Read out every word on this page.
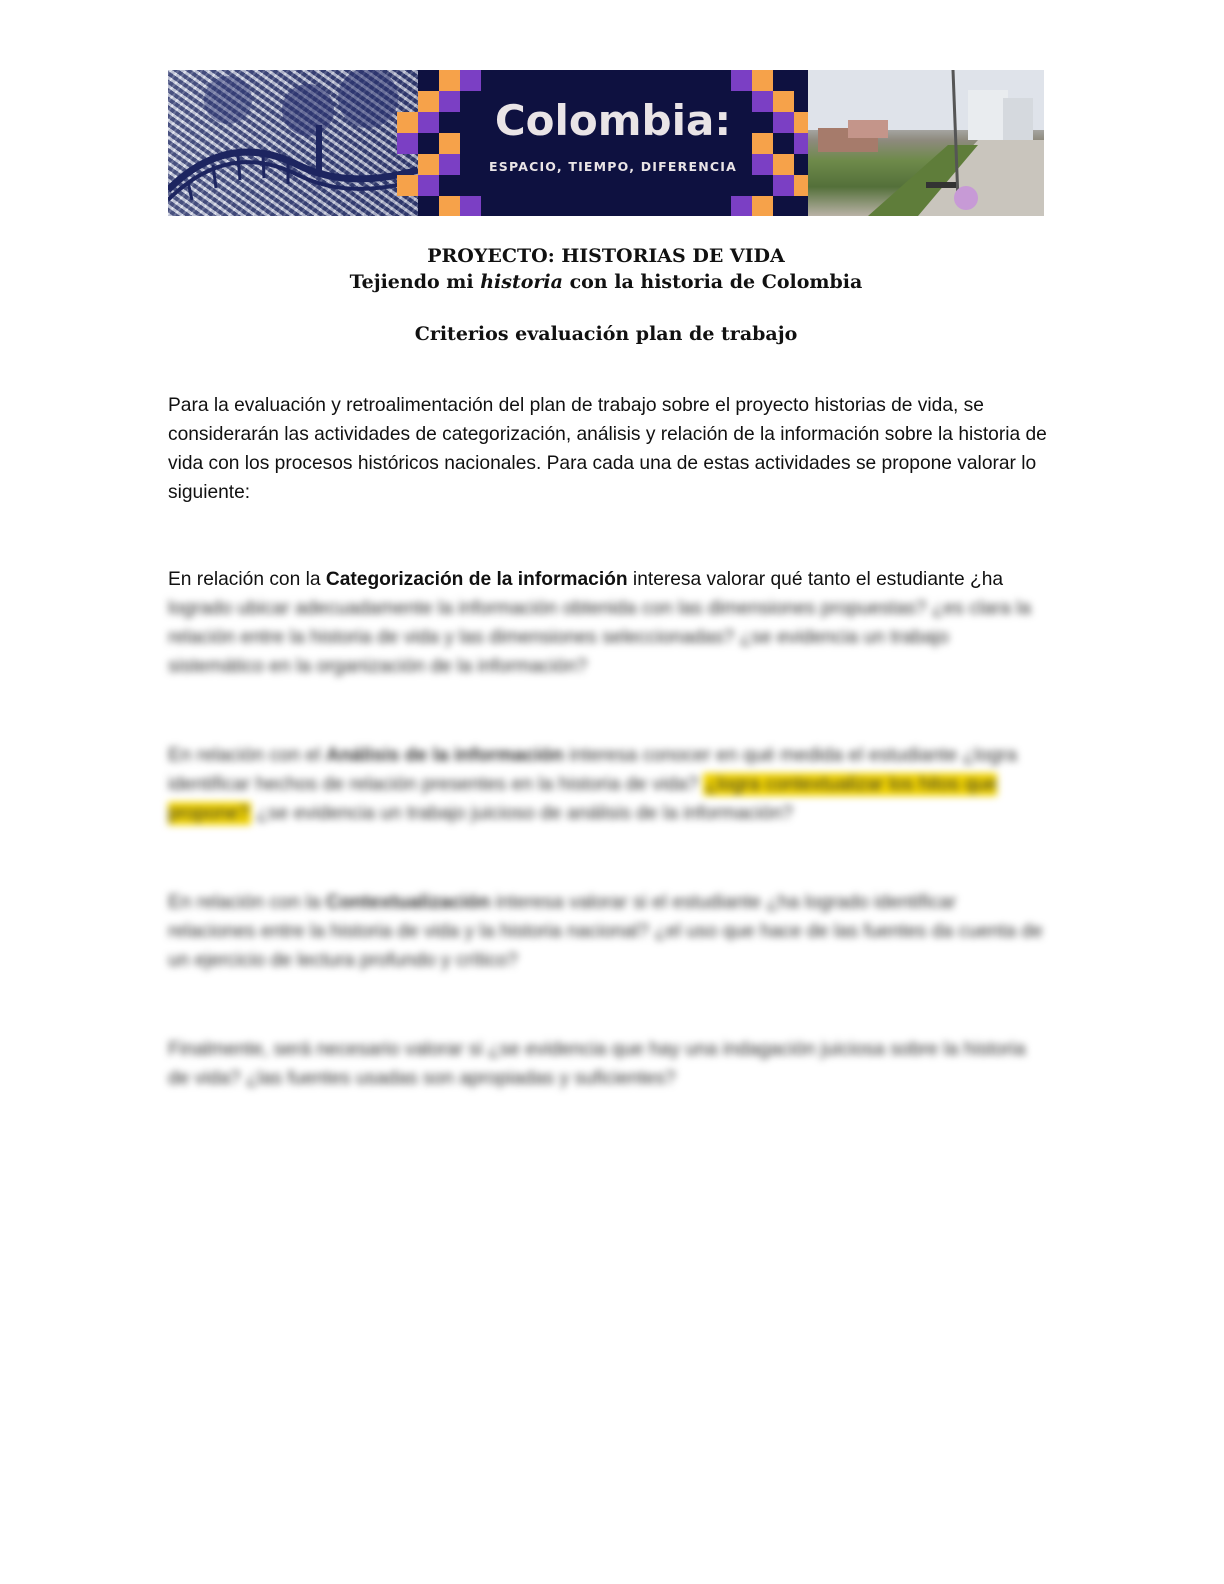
Colombia:
ESPACIO, TIEMPO, DIFERENCIA
PROYECTO: HISTORIAS DE VIDA
Tejiendo mi historia con la historia de Colombia
Criterios evaluación plan de trabajo
Para la evaluación y retroalimentación del plan de trabajo sobre el proyecto historias de vida, se considerarán las actividades de categorización, análisis y relación de la información sobre la historia de vida con los procesos históricos nacionales. Para cada una de estas actividades se propone valorar lo siguiente:
En relación con la Categorización de la información interesa valorar qué tanto el estudiante ¿ha
logrado ubicar adecuadamente la información obtenida con las dimensiones propuestas? ¿es clara la relación entre la historia de vida y las dimensiones seleccionadas? ¿se evidencia un trabajo sistemático en la organización de la información?
En relación con el Análisis de la información interesa conocer en qué medida el estudiante ¿logra identificar hechos de relación presentes en la historia de vida? ¿logra contextualizar los hitos que propone? ¿se evidencia un trabajo juicioso de análisis de la información?
En relación con la Contextualización interesa valorar si el estudiante ¿ha logrado identificar relaciones entre la historia de vida y la historia nacional? ¿el uso que hace de las fuentes da cuenta de un ejercicio de lectura profundo y crítico?
Finalmente, será necesario valorar si ¿se evidencia que hay una indagación juiciosa sobre la historia de vida? ¿las fuentes usadas son apropiadas y suficientes?
